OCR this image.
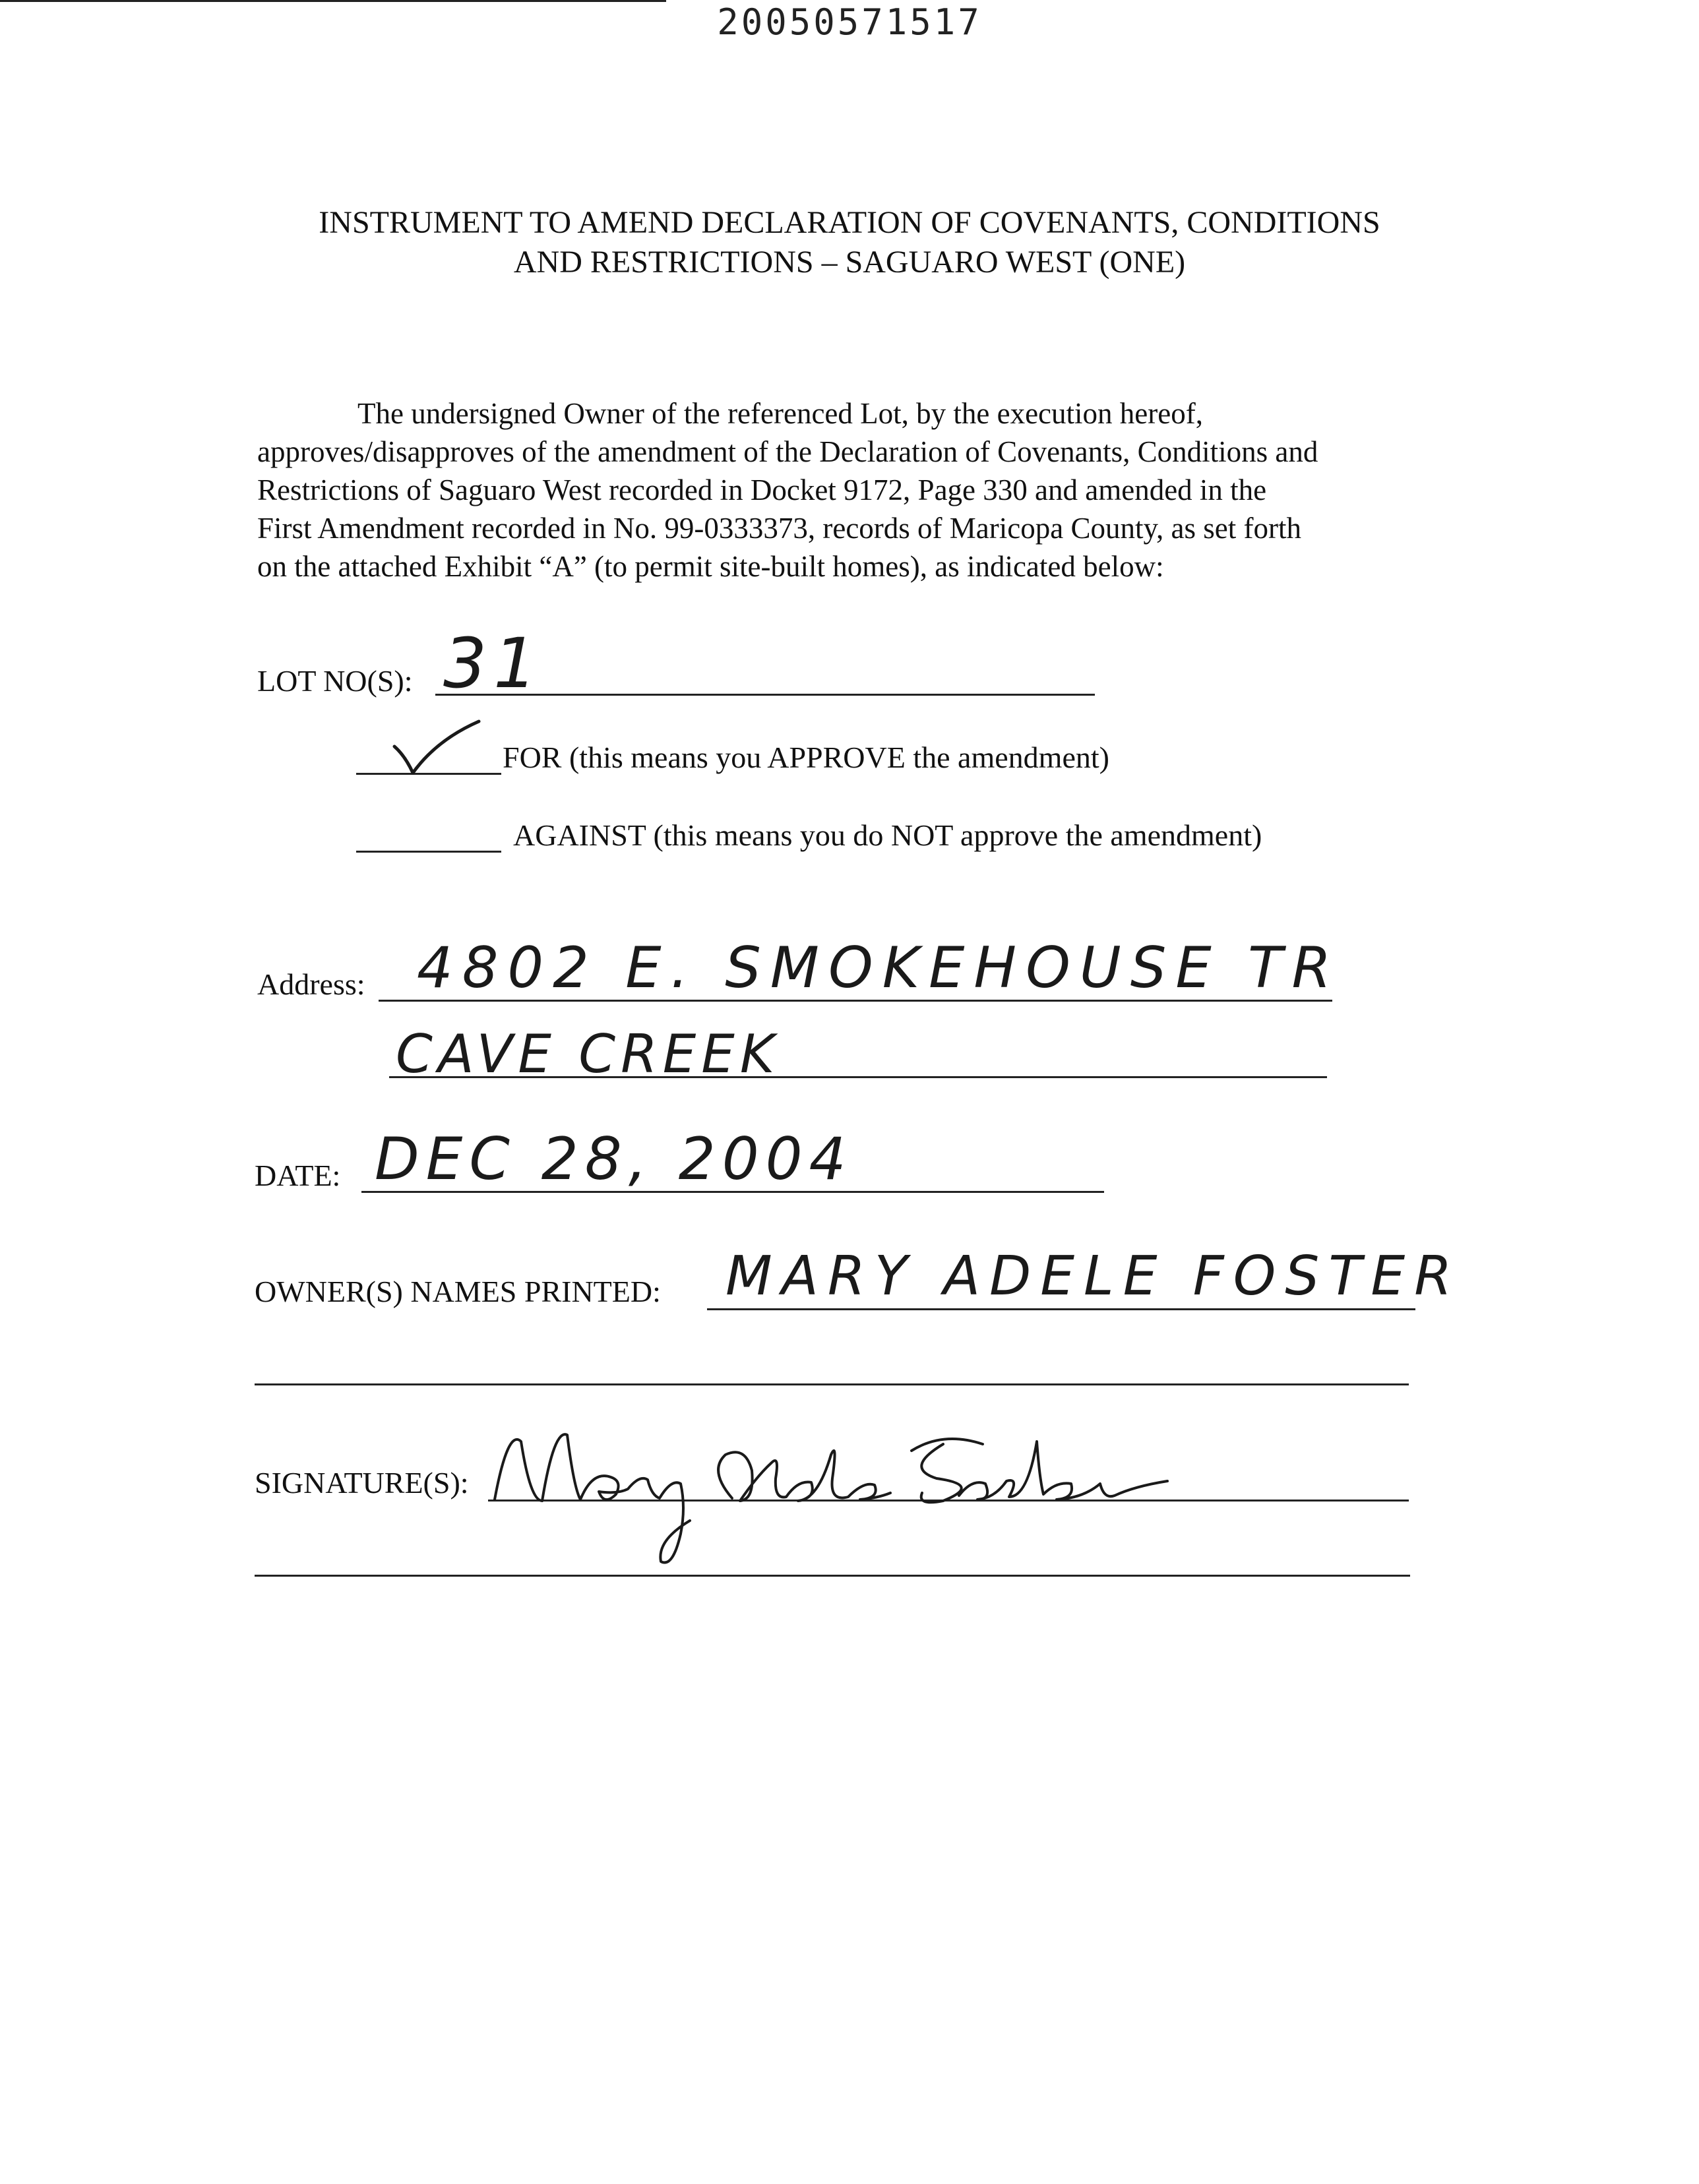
20050571517
INSTRUMENT TO AMEND DECLARATION OF COVENANTS, CONDITIONS
AND RESTRICTIONS – SAGUARO WEST (ONE)
The undersigned Owner of the referenced Lot, by the execution hereof,
approves/disapproves of the amendment of the Declaration of Covenants, Conditions and
Restrictions of Saguaro West recorded in Docket 9172, Page 330 and amended in the
First Amendment recorded in No. 99-0333373, records of Maricopa County, as set forth
on the attached Exhibit “A” (to permit site-built homes), as indicated below:
LOT NO(S): 31
FOR (this means you APPROVE the amendment)
AGAINST (this means you do NOT approve the amendment)
Address: 4802 E. SMOKEHOUSE TR
CAVE CREEK
DATE: DEC 28, 2004
OWNER(S) NAMES PRINTED: MARY ADELE FOSTER
SIGNATURE(S):
